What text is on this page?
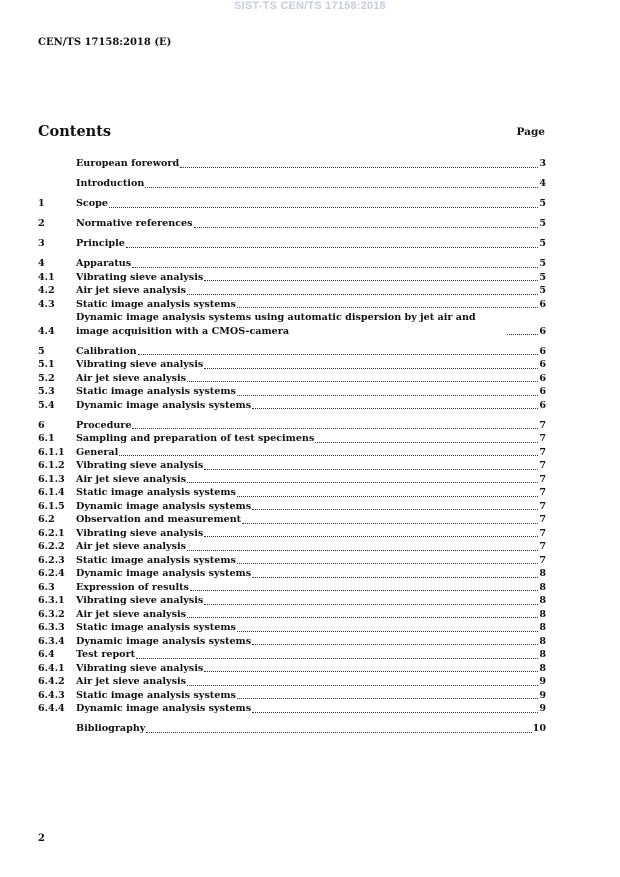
SIST-TS CEN/TS 17158:2018
CEN/TS 17158:2018 (E)
Contents	Page
European foreword	3
Introduction	4
1	Scope	5
2	Normative references	5
3	Principle	5
4	Apparatus	5
4.1	Vibrating sieve analysis	5
4.2	Air jet sieve analysis	5
4.3	Static image analysis systems	6
4.4
Dynamic image analysis systems using automatic dispersion by jet air and image acquisition with a CMOS-camera	6
5	Calibration	6
5.1	Vibrating sieve analysis	6
5.2	Air jet sieve analysis	6
5.3	Static image analysis systems	6
5.4	Dynamic image analysis systems	6
6	Procedure	7
6.1	Sampling and preparation of test specimens	7
6.1.1	General	7
6.1.2	Vibrating sieve analysis	7
6.1.3	Air jet sieve analysis	7
6.1.4	Static image analysis systems	7
6.1.5	Dynamic image analysis systems	7
6.2	Observation and measurement	7
6.2.1	Vibrating sieve analysis	7
6.2.2	Air jet sieve analysis	7
6.2.3	Static image analysis systems	7
6.2.4	Dynamic image analysis systems	8
6.3	Expression of results	8
6.3.1	Vibrating sieve analysis	8
6.3.2	Air jet sieve analysis	8
6.3.3	Static image analysis systems	8
6.3.4	Dynamic image analysis systems	8
6.4	Test report	8
6.4.1	Vibrating sieve analysis	8
6.4.2	Air jet sieve analysis	9
6.4.3	Static image analysis systems	9
6.4.4	Dynamic image analysis systems	9
Bibliography	10
2
